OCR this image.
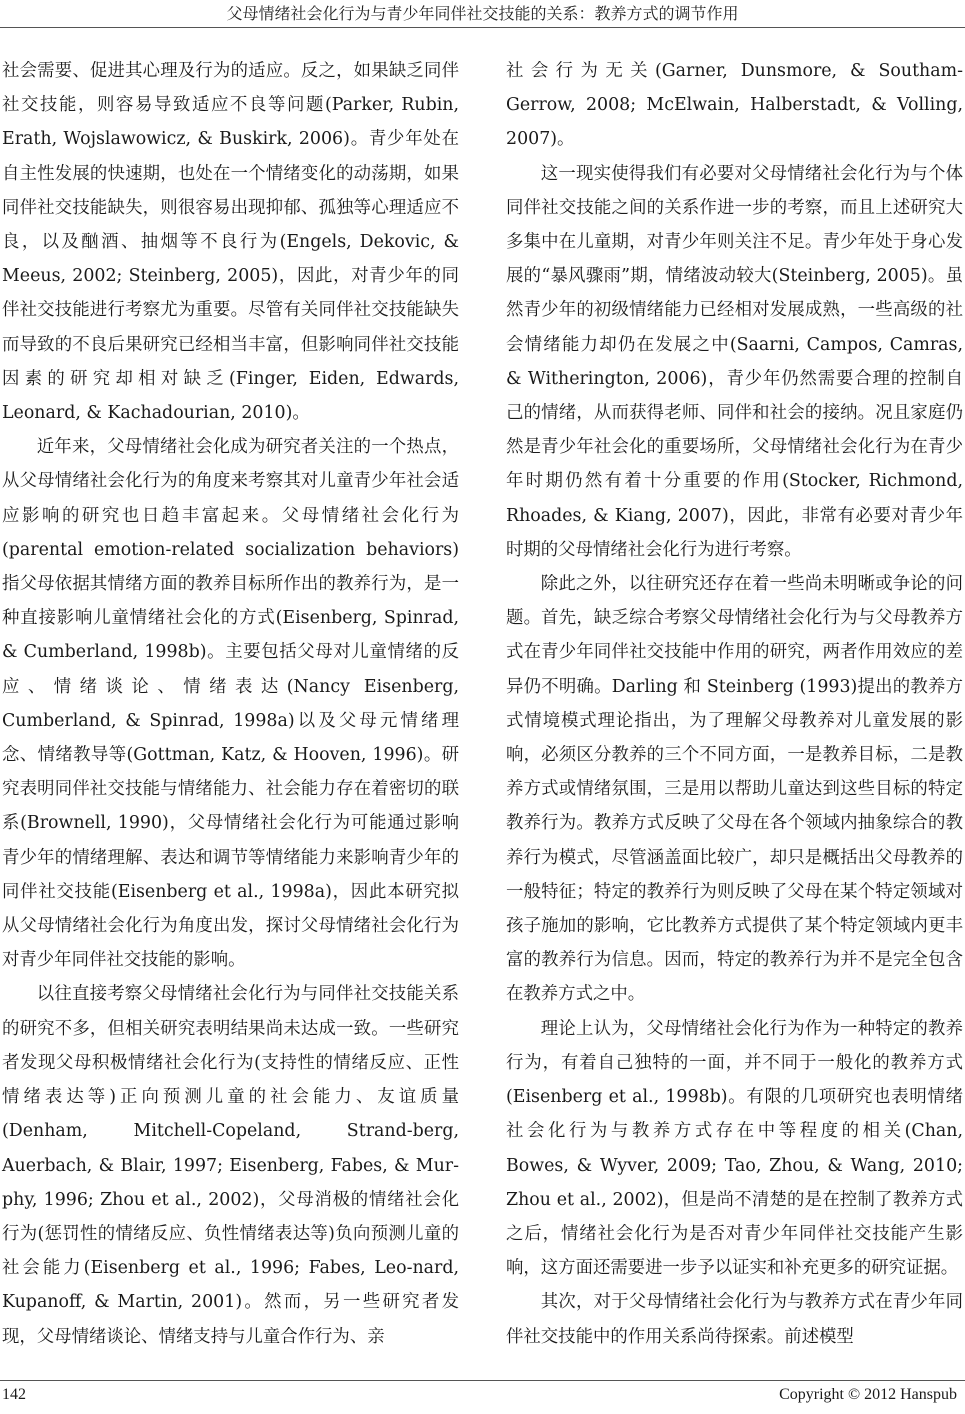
父母情绪社会化行为与青少年同伴社交技能的关系：教养方式的调节作用

社会需要、促进其心理及行为的适应。反之，如果缺乏同伴社交技能，则容易导致适应不良等问题(Parker, Rubin, Erath, Wojslawowicz, & Buskirk, 2006)。青少年处在自主性发展的快速期，也处在一个情绪变化的动荡期，如果同伴社交技能缺失，则很容易出现抑郁、孤独等心理适应不良，以及酗酒、抽烟等不良行为(Engels, Dekovic, & Meeus, 2002; Steinberg, 2005)，因此，对青少年的同伴社交技能进行考察尤为重要。尽管有关同伴社交技能缺失而导致的不良后果研究已经相当丰富，但影响同伴社交技能因素的研究却相对缺乏(Finger, Eiden, Edwards, Leonard, & Kachadourian, 2010)。

近年来，父母情绪社会化成为研究者关注的一个热点，从父母情绪社会化行为的角度来考察其对儿童青少年社会适应影响的研究也日趋丰富起来。父母情绪社会化行为(parental emotion-related socialization behaviors)指父母依据其情绪方面的教养目标所作出的教养行为，是一种直接影响儿童情绪社会化的方式(Eisenberg, Spinrad, & Cumberland, 1998b)。主要包括父母对儿童情绪的反应、情绪谈论、情绪表达(Nancy Eisenberg, Cumberland, & Spinrad, 1998a)以及父母元情绪理念、情绪教导等(Gottman, Katz, & Hooven, 1996)。研究表明同伴社交技能与情绪能力、社会能力存在着密切的联系(Brownell, 1990)，父母情绪社会化行为可能通过影响青少年的情绪理解、表达和调节等情绪能力来影响青少年的同伴社交技能(Eisenberg et al., 1998a)，因此本研究拟从父母情绪社会化行为角度出发，探讨父母情绪社会化行为对青少年同伴社交技能的影响。

以往直接考察父母情绪社会化行为与同伴社交技能关系的研究不多，但相关研究表明结果尚未达成一致。一些研究者发现父母积极情绪社会化行为(支持性的情绪反应、正性情绪表达等)正向预测儿童的社会能力、友谊质量(Denham, Mitchell-Copeland, Strand-berg, Auerbach, & Blair, 1997; Eisenberg, Fabes, & Mur-phy, 1996; Zhou et al., 2002)，父母消极的情绪社会化行为(惩罚性的情绪反应、负性情绪表达等)负向预测儿童的社会能力(Eisenberg et al., 1996; Fabes, Leo-nard, Kupanoff, & Martin, 2001)。然而，另一些研究者发现，父母情绪谈论、情绪支持与儿童合作行为、亲

社会行为无关(Garner, Dunsmore, & Southam-Gerrow, 2008; McElwain, Halberstadt, & Volling, 2007)。

这一现实使得我们有必要对父母情绪社会化行为与个体同伴社交技能之间的关系作进一步的考察，而且上述研究大多集中在儿童期，对青少年则关注不足。青少年处于身心发展的“暴风骤雨”期，情绪波动较大(Steinberg, 2005)。虽然青少年的初级情绪能力已经相对发展成熟，一些高级的社会情绪能力却仍在发展之中(Saarni, Campos, Camras, & Witherington, 2006)，青少年仍然需要合理的控制自己的情绪，从而获得老师、同伴和社会的接纳。况且家庭仍然是青少年社会化的重要场所，父母情绪社会化行为在青少年时期仍然有着十分重要的作用(Stocker, Richmond, Rhoades, & Kiang, 2007)，因此，非常有必要对青少年时期的父母情绪社会化行为进行考察。

除此之外，以往研究还存在着一些尚未明晰或争论的问题。首先，缺乏综合考察父母情绪社会化行为与父母教养方式在青少年同伴社交技能中作用的研究，两者作用效应的差异仍不明确。Darling 和 Steinberg (1993)提出的教养方式情境模式理论指出，为了理解父母教养对儿童发展的影响，必须区分教养的三个不同方面，一是教养目标，二是教养方式或情绪氛围，三是用以帮助儿童达到这些目标的特定教养行为。教养方式反映了父母在各个领域内抽象综合的教养行为模式，尽管涵盖面比较广，却只是概括出父母教养的一般特征；特定的教养行为则反映了父母在某个特定领域对孩子施加的影响，它比教养方式提供了某个特定领域内更丰富的教养行为信息。因而，特定的教养行为并不是完全包含在教养方式之中。

理论上认为，父母情绪社会化行为作为一种特定的教养行为，有着自己独特的一面，并不同于一般化的教养方式(Eisenberg et al., 1998b)。有限的几项研究也表明情绪社会化行为与教养方式存在中等程度的相关(Chan, Bowes, & Wyver, 2009; Tao, Zhou, & Wang, 2010; Zhou et al., 2002)，但是尚不清楚的是在控制了教养方式之后，情绪社会化行为是否对青少年同伴社交技能产生影响，这方面还需要进一步予以证实和补充更多的研究证据。

其次，对于父母情绪社会化行为与教养方式在青少年同伴社交技能中的作用关系尚待探索。前述模型

142	Copyright © 2012 Hanspub
